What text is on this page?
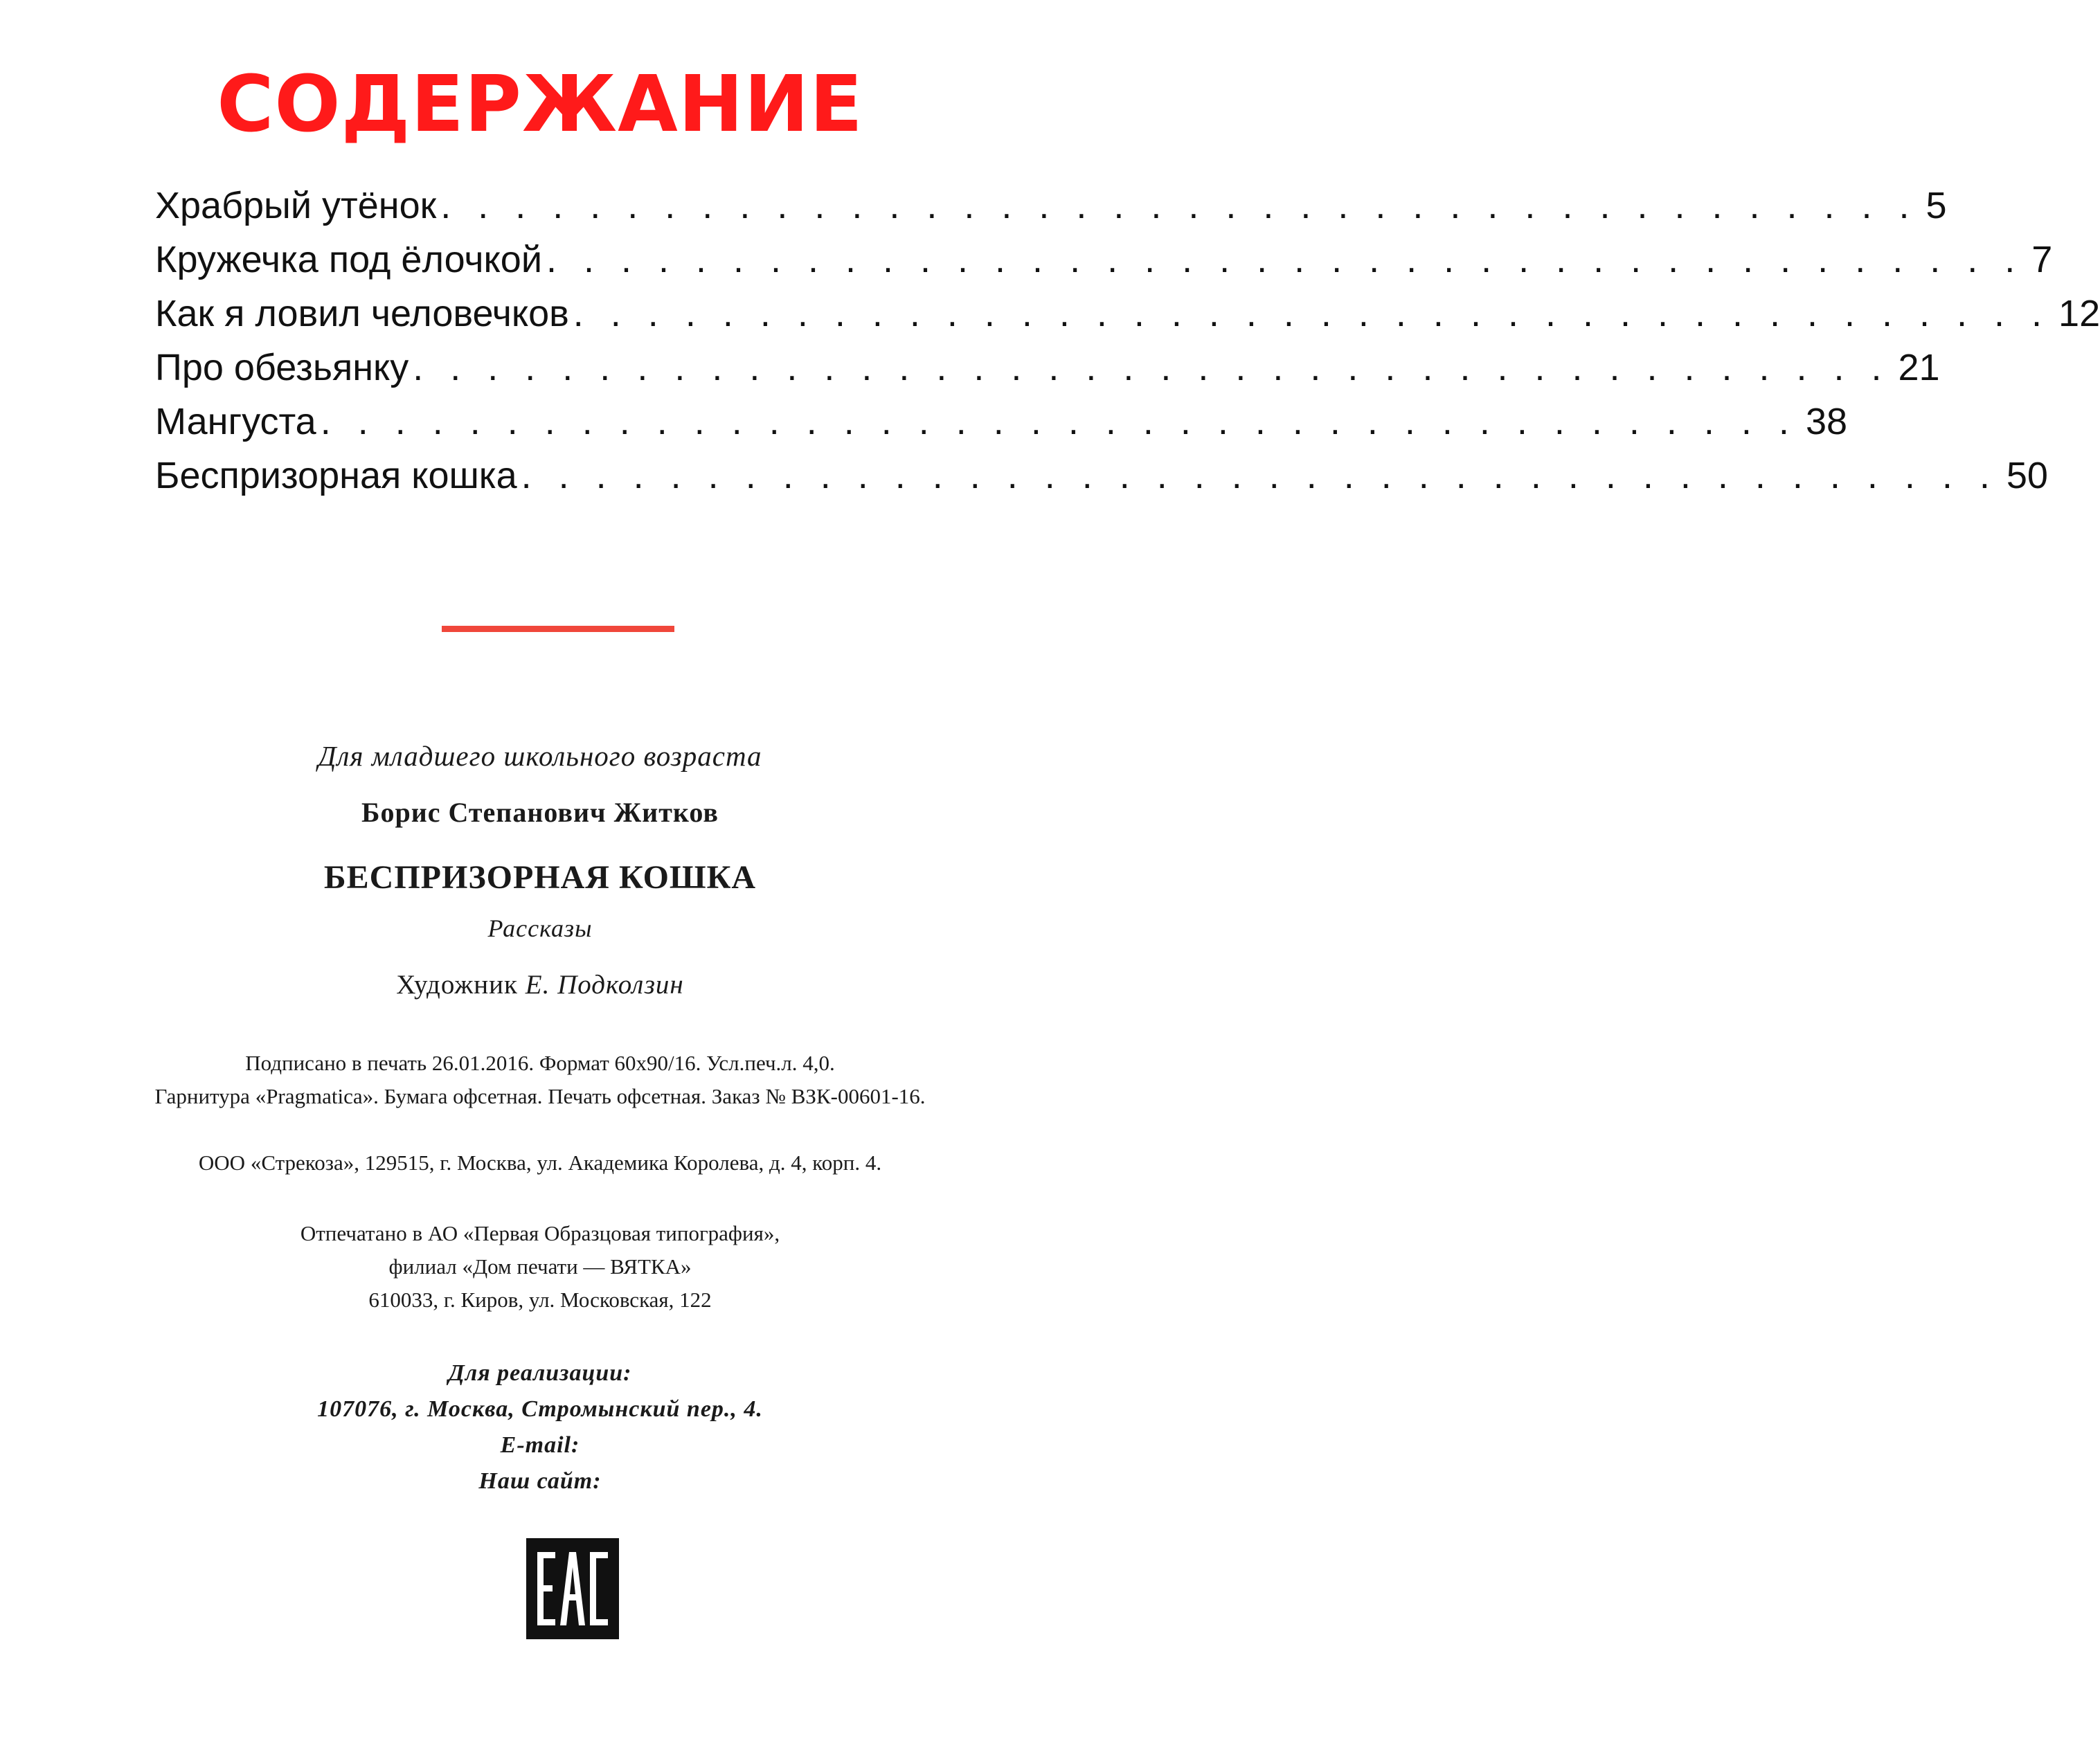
СОДЕРЖАНИЕ
Храбрый утёнок . . . . . . . . . . . . . . . . . . . . . . . . . . . . . . . . . . . . . . . . 5
Кружечка под ёлочкой . . . . . . . . . . . . . . . . . . . . . . . . . . . . . . . . . . . . . . . . 7
Как я ловил человечков . . . . . . . . . . . . . . . . . . . . . . . . . . . . . . . . . . . . . . . . 12
Про обезьянку . . . . . . . . . . . . . . . . . . . . . . . . . . . . . . . . . . . . . . . . 21
Мангуста . . . . . . . . . . . . . . . . . . . . . . . . . . . . . . . . . . . . . . . . 38
Беспризорная кошка . . . . . . . . . . . . . . . . . . . . . . . . . . . . . . . . . . . . . . . . 50

Для младшего школьного возраста

Борис Степанович Житков

БЕСПРИЗОРНАЯ КОШКА

Рассказы

Художник Е. Подколзин

Подписано в печать 26.01.2016. Формат 60х90/16. Усл.печ.л. 4,0.
Гарнитура «Pragmatica». Бумага офсетная. Печать офсетная. Заказ № ВЗК-00601-16.

ООО «Стрекоза», 129515, г. Москва, ул. Академика Королева, д. 4, корп. 4.

Отпечатано в АО «Первая Образцовая типография»,
филиал «Дом печати — ВЯТКА»
610033, г. Киров, ул. Московская, 122

Для реализации:
107076, г. Москва, Стромынский пер., 4.
E-mail:
Наш сайт:
